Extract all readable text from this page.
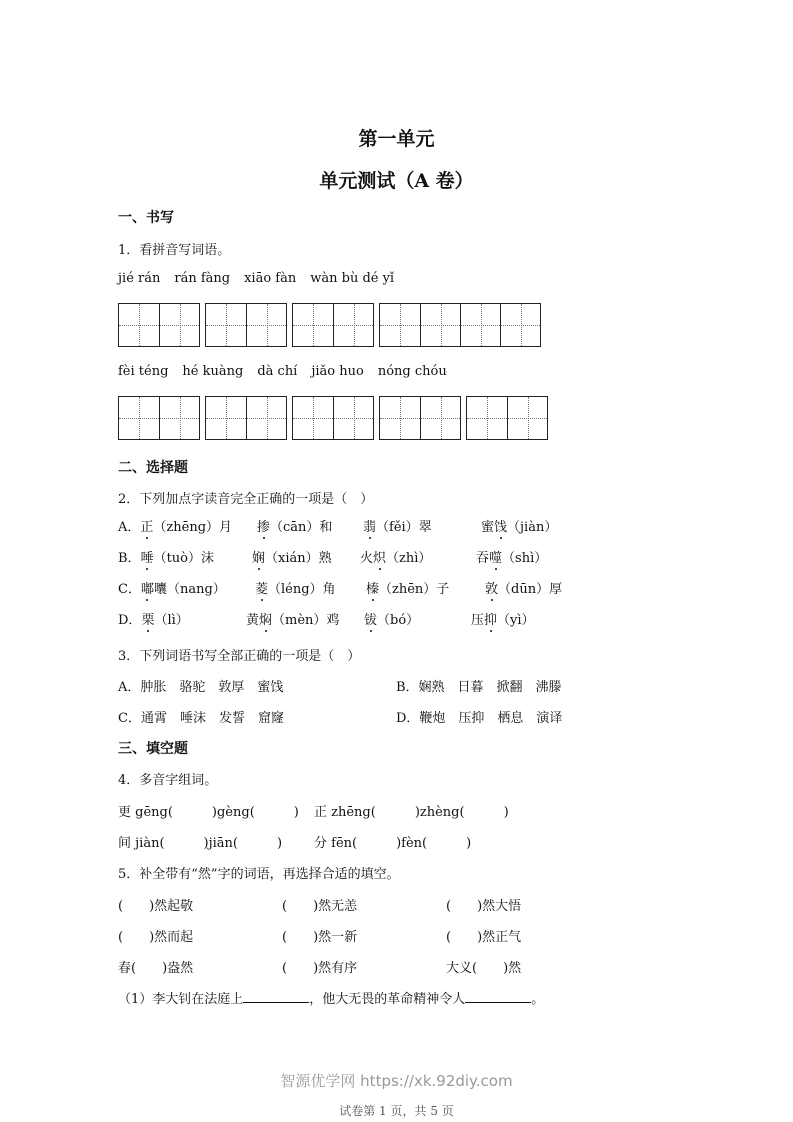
第一单元
单元测试（A 卷）
一、书写
1．看拼音写词语。
jié rán rán fàng xiāo fàn wàn bù dé yǐ
fèi téng hé kuàng dà chí jiǎo huo nóng chóu
二、选择题
2．下列加点字读音完全正确的一项是（　）
A．正（zhēng）月 掺（cān）和 翡（fěi）翠	蜜饯（jiàn）
B．唾（tuò）沫	娴（xián）熟 火炽（zhì）	吞噬（shì）
C．嘟囔（nang） 菱（léng）角 榛（zhēn）子	敦（dūn）厚
D．栗（lì）	黄焖（mèn）鸡 钹（bó）	压抑（yì）
3．下列词语书写全部正确的一项是（　）
A．肿胀　骆驼　敦厚　蜜饯	B．娴熟　日暮　掀翻　沸滕
C．通霄　唾沫　发誓　窟窿	D．鞭炮　压抑　栖息　演译
三、填空题
4．多音字组词。
更 gēng(　　　)gèng(　　　) 正 zhēng(　　　)zhèng(　　　)
间 jiàn(　　　)jiān(　　　) 分 fēn(　　　)fèn(　　　)
5．补全带有“然”字的词语，再选择合适的填空。
(　　)然起敬	(　　)然无恙	(　　)然大悟
(　　)然而起	(　　)然一新	(　　)然正气
春(　　)盎然	(　　)然有序	大义(　　)然
（1）李大钊在法庭上	，他大无畏的革命精神令人	。
智源优学网 https://xk.92diy.com
试卷第 1 页，共 5 页
